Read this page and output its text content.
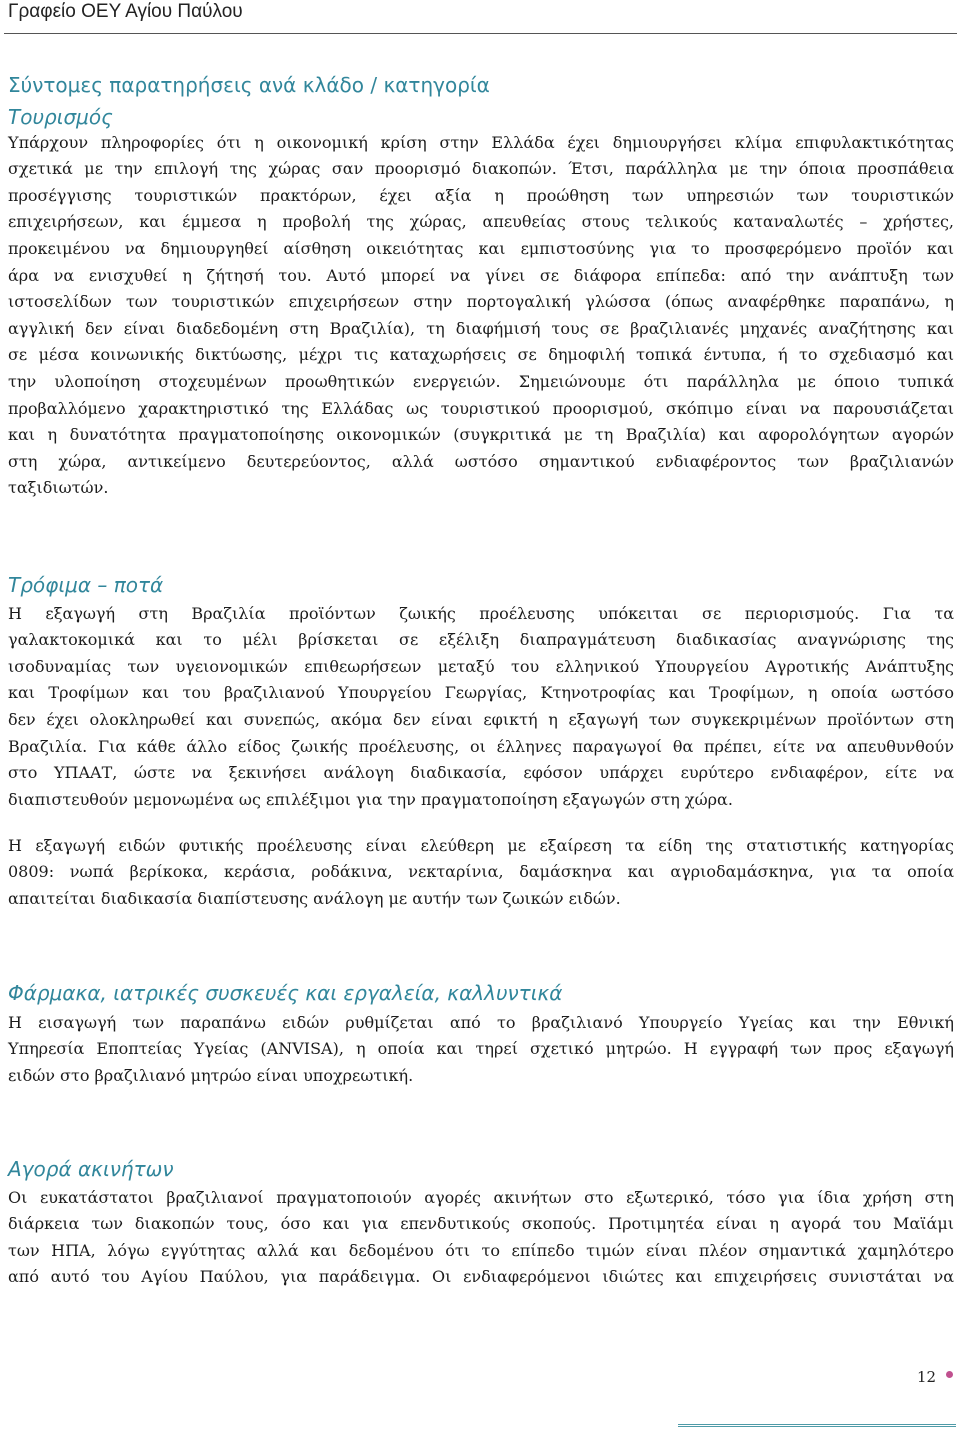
Γραφείο ΟΕΥ Αγίου Παύλου
Σύντομες παρατηρήσεις ανά κλάδο / κατηγορία
Τουρισμός
Υπάρχουν πληροφορίες ότι η οικονομική κρίση στην Ελλάδα έχει δημιουργήσει κλίμα επιφυλακτικότητας
σχετικά με την επιλογή της χώρας σαν προορισμό διακοπών. Έτσι, παράλληλα με την όποια προσπάθεια
προσέγγισης τουριστικών πρακτόρων, έχει αξία η προώθηση των υπηρεσιών των τουριστικών
επιχειρήσεων, και έμμεσα η προβολή της χώρας, απευθείας στους τελικούς καταναλωτές – χρήστες,
προκειμένου να δημιουργηθεί αίσθηση οικειότητας και εμπιστοσύνης για το προσφερόμενο προϊόν και
άρα να ενισχυθεί η ζήτησή του. Αυτό μπορεί να γίνει σε διάφορα επίπεδα: από την ανάπτυξη των
ιστοσελίδων των τουριστικών επιχειρήσεων στην πορτογαλική γλώσσα (όπως αναφέρθηκε παραπάνω, η
αγγλική δεν είναι διαδεδομένη στη Βραζιλία), τη διαφήμισή τους σε βραζιλιανές μηχανές αναζήτησης και
σε μέσα κοινωνικής δικτύωσης, μέχρι τις καταχωρήσεις σε δημοφιλή τοπικά έντυπα, ή το σχεδιασμό και
την υλοποίηση στοχευμένων προωθητικών ενεργειών. Σημειώνουμε ότι παράλληλα με όποιο τυπικά
προβαλλόμενο χαρακτηριστικό της Ελλάδας ως τουριστικού προορισμού, σκόπιμο είναι να παρουσιάζεται
και η δυνατότητα πραγματοποίησης οικονομικών (συγκριτικά με τη Βραζιλία) και αφορολόγητων αγορών
στη χώρα, αντικείμενο δευτερεύοντος, αλλά ωστόσο σημαντικού ενδιαφέροντος των βραζιλιανών
ταξιδιωτών.
Τρόφιμα – ποτά
Η εξαγωγή στη Βραζιλία προϊόντων ζωικής προέλευσης υπόκειται σε περιορισμούς. Για τα
γαλακτοκομικά και το μέλι βρίσκεται σε εξέλιξη διαπραγμάτευση διαδικασίας αναγνώρισης της
ισοδυναμίας των υγειονομικών επιθεωρήσεων μεταξύ του ελληνικού Υπουργείου Αγροτικής Ανάπτυξης
και Τροφίμων και του βραζιλιανού Υπουργείου Γεωργίας, Κτηνοτροφίας και Τροφίμων, η οποία ωστόσο
δεν έχει ολοκληρωθεί και συνεπώς, ακόμα δεν είναι εφικτή η εξαγωγή των συγκεκριμένων προϊόντων στη
Βραζιλία. Για κάθε άλλο είδος ζωικής προέλευσης, οι έλληνες παραγωγοί θα πρέπει, είτε να απευθυνθούν
στο ΥΠΑΑΤ, ώστε να ξεκινήσει ανάλογη διαδικασία, εφόσον υπάρχει ευρύτερο ενδιαφέρον, είτε να
διαπιστευθούν μεμονωμένα ως επιλέξιμοι για την πραγματοποίηση εξαγωγών στη χώρα.
Η εξαγωγή ειδών φυτικής προέλευσης είναι ελεύθερη με εξαίρεση τα είδη της στατιστικής κατηγορίας
0809: νωπά βερίκοκα, κεράσια, ροδάκινα, νεκταρίνια, δαμάσκηνα και αγριοδαμάσκηνα, για τα οποία
απαιτείται διαδικασία διαπίστευσης ανάλογη με αυτήν των ζωικών ειδών.
Φάρμακα, ιατρικές συσκευές και εργαλεία, καλλυντικά
Η εισαγωγή των παραπάνω ειδών ρυθμίζεται από το βραζιλιανό Υπουργείο Υγείας και την Εθνική
Υπηρεσία Εποπτείας Υγείας (ANVISA), η οποία και τηρεί σχετικό μητρώο. Η εγγραφή των προς εξαγωγή
ειδών στο βραζιλιανό μητρώο είναι υποχρεωτική.
Αγορά ακινήτων
Οι ευκατάστατοι βραζιλιανοί πραγματοποιούν αγορές ακινήτων στο εξωτερικό, τόσο για ίδια χρήση στη
διάρκεια των διακοπών τους, όσο και για επενδυτικούς σκοπούς. Προτιμητέα είναι η αγορά του Μαϊάμι
των ΗΠΑ, λόγω εγγύτητας αλλά και δεδομένου ότι το επίπεδο τιμών είναι πλέον σημαντικά χαμηλότερο
από αυτό του Αγίου Παύλου, για παράδειγμα. Οι ενδιαφερόμενοι ιδιώτες και επιχειρήσεις συνιστάται να
12
